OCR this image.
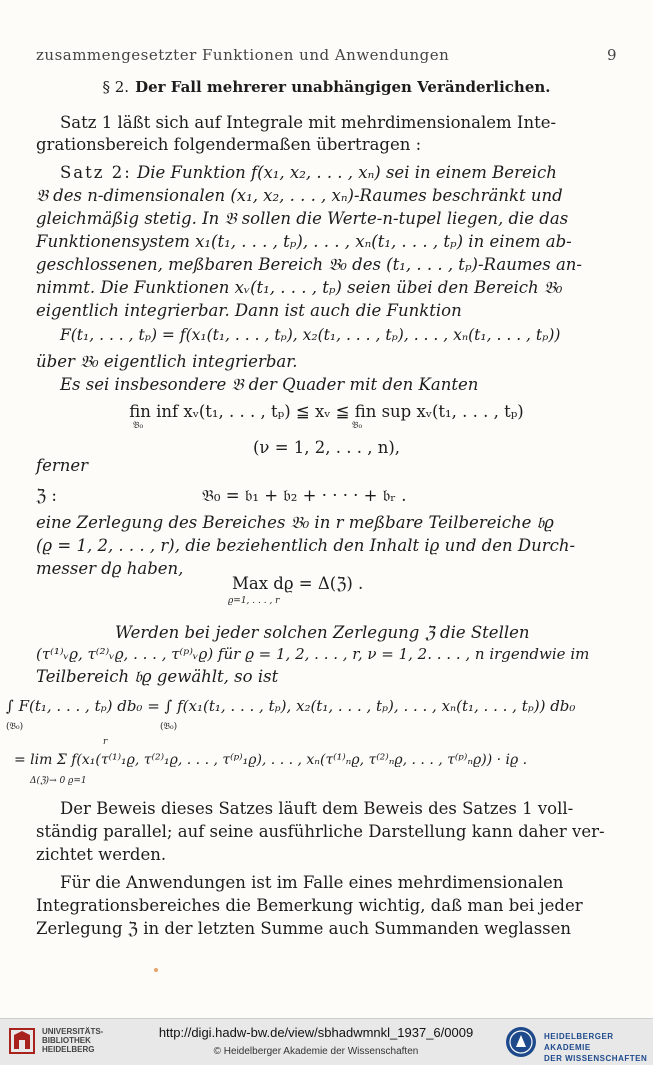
zusammengesetzter Funktionen und Anwendungen	9
§ 2. Der Fall mehrerer unabhängigen Veränderlichen.
Satz 1 läßt sich auf Integrale mit mehrdimensionalem Inte-
grationsbereich folgendermaßen übertragen :
Satz 2: Die Funktion f(x₁, x₂, . . . , xₙ) sei in einem Bereich
𝔅 des n-dimensionalen (x₁, x₂, . . . , xₙ)-Raumes beschränkt und
gleichmäßig stetig. In 𝔅 sollen die Werte-n-tupel liegen, die das
Funktionensystem x₁(t₁, . . . , tₚ), . . . , xₙ(t₁, . . . , tₚ) in einem ab-
geschlossenen, meßbaren Bereich 𝔅₀ des (t₁, . . . , tₚ)-Raumes an-
nimmt. Die Funktionen xᵥ(t₁, . . . , tₚ) seien übei den Bereich 𝔅₀
eigentlich integrierbar. Dann ist auch die Funktion
F(t₁, . . . , tₚ) = f(x₁(t₁, . . . , tₚ), x₂(t₁, . . . , tₚ), . . . , xₙ(t₁, . . . , tₚ))
über 𝔅₀ eigentlich integrierbar.
Es sei insbesondere 𝔅 der Quader mit den Kanten
fin inf xᵥ(t₁, . . . , tₚ) ≦ xᵥ ≦ fin sup xᵥ(t₁, . . . , tₚ)
𝔅₀	𝔅₀
(ν = 1, 2, . . . , n),
ferner
ℨ :	𝔅₀ = 𝔟₁ + 𝔟₂ + · · · · + 𝔟ᵣ .
eine Zerlegung des Bereiches 𝔅₀ in r meßbare Teilbereiche 𝔟ϱ
(ϱ = 1, 2, . . . , r), die beziehentlich den Inhalt iϱ und den Durch-
messer dϱ haben,
Max dϱ = Δ(ℨ) .
ϱ=1, . . . , r
Werden bei jeder solchen Zerlegung ℨ die Stellen
(τ⁽¹⁾ᵥϱ, τ⁽²⁾ᵥϱ, . . . , τ⁽ᵖ⁾ᵥϱ) für ϱ = 1, 2, . . . , r, ν = 1, 2. . . . , n irgendwie im
Teilbereich 𝔟ϱ gewählt, so ist
∫ F(t₁, . . . , tₚ) db₀ = ∫ f(x₁(t₁, . . . , tₚ), x₂(t₁, . . . , tₚ), . . . , xₙ(t₁, . . . , tₚ)) db₀
(𝔅₀)	(𝔅₀)
r
= lim Σ f(x₁(τ⁽¹⁾₁ϱ, τ⁽²⁾₁ϱ, . . . , τ⁽ᵖ⁾₁ϱ), . . . , xₙ(τ⁽¹⁾ₙϱ, τ⁽²⁾ₙϱ, . . . , τ⁽ᵖ⁾ₙϱ)) · iϱ .
Δ(ℨ)→ 0 ϱ=1
Der Beweis dieses Satzes läuft dem Beweis des Satzes 1 voll-
ständig parallel; auf seine ausführliche Darstellung kann daher ver-
zichtet werden.
Für die Anwendungen ist im Falle eines mehrdimensionalen
Integrationsbereiches die Bemerkung wichtig, daß man bei jeder
Zerlegung ℨ in der letzten Summe auch Summanden weglassen
UNIVERSITÄTS-
BIBLIOTHEK
HEIDELBERG
http://digi.hadw-bw.de/view/sbhadwmnkl_1937_6/0009
© Heidelberger Akademie der Wissenschaften
HEIDELBERGER AKADEMIE
DER WISSENSCHAFTEN
